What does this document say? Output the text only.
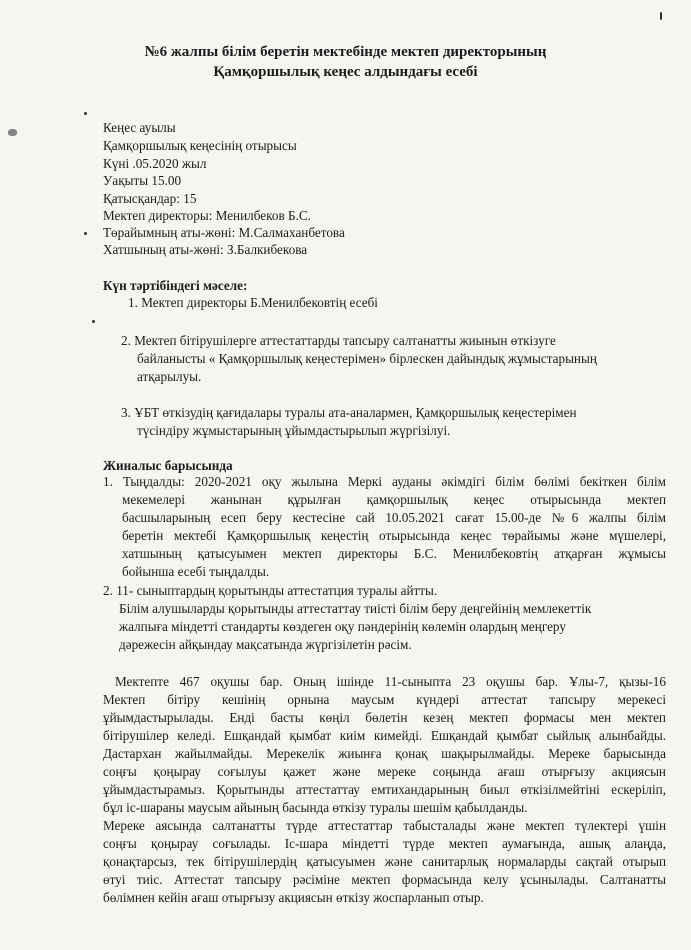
№6 жалпы білім беретін мектебінде мектеп директорының
Қамқоршылық кеңес алдындағы есебі
Кеңес ауылы
Қамқоршылық кеңесінің отырысы
Күні .05.2020 жыл
Уақыты 15.00
Қатысқандар: 15
Мектеп директоры: Менилбеков Б.С.
Төрайымның аты-жөні: М.Салмаханбетова
Хатшының аты-жөні: З.Балкибекова
Күн тәртібіндегі мәселе:
1. Мектеп директоры Б.Менилбековтің есебі
2. Мектеп бітірушілерге аттестаттарды тапсыру салтанатты жиынын өткізуге
байланысты « Қамқоршылық кеңестерімен» бірлескен дайындық жұмыстарының
атқарылуы.
3. ҰБТ өткізудің қағидалары туралы ата-аналармен, Қамқоршылық кеңестерімен
түсіндіру жұмыстарының ұйымдастырылып жүргізілуі.
Жиналыс барысында
1. Тыңдалды: 2020-2021 оқу жылына Меркі ауданы әкімдігі білім бөлімі бекіткен білім
мекемелері жанынан құрылған қамқоршылық кеңес отырысында мектеп
басшыларының есеп беру кестесіне сай 10.05.2021 сағат 15.00-де №6 жалпы білім
беретін мектебі Қамқоршылық кеңестің отырысында кеңес төрайымы және мүшелері,
хатшының қатысуымен мектеп директоры Б.С. Менилбековтің атқарған жұмысы
бойынша есебі тыңдалды.
2. 11- сыныптардың қорытынды аттестатция туралы айтты.
Білім алушыларды қорытынды аттестаттау тиісті білім беру деңгейінің мемлекеттік
жалпыға міндетті стандарты көздеген оқу пәндерінің көлемін олардың меңгеру
дәрежесін айқындау мақсатында жүргізілетін рәсім.
Мектепте 467 оқушы бар. Оның ішінде 11-сыныпта 23 оқушы бар. Ұлы-7, қызы-16
Мектеп бітіру кешінің орнына маусым күндері аттестат тапсыру мерекесі
ұйымдастырылады. Енді басты көңіл бөлетін кезең мектеп формасы мен мектеп
бітірушілер келеді. Ешқандай қымбат киім кимейді. Ешқандай қымбат сыйлық алынбайды.
Дастархан жайылмайды. Мерекелік жиынға қонақ шақырылмайды. Мереке барысында
соңғы қоңырау соғылуы қажет және мереке соңында ағаш отырғызу акциясын
ұйымдастырамыз. Қорытынды аттестаттау емтихандарының биыл өткізілмейтіні ескеріліп,
бұл іс-шараны маусым айының басында өткізу туралы шешім қабылданды.
Мереке аясында салтанатты түрде аттестаттар табысталады және мектеп түлектері үшін
соңғы қоңырау соғылады. Іс-шара міндетті түрде мектеп аумағында, ашық алаңда,
қонақтарсыз, тек бітірушілердің қатысуымен және санитарлық нормаларды сақтай отырып
өтуі тиіс. Аттестат тапсыру рәсіміне мектеп формасында келу ұсынылады. Салтанатты
бөлімнен кейін ағаш отырғызу акциясын өткізу жоспарланып отыр.
